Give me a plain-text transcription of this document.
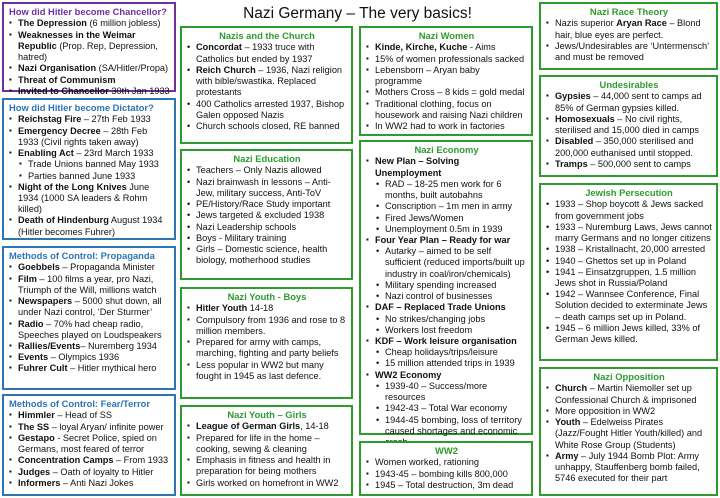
Nazi Germany – The very basics!
How did Hitler become Chancellor?
▪ The Depression (6 million jobless)
▪ Weaknesses in the Weimar Republic (Prop. Rep, Depression, hatred)
▪ Nazi Organisation (SA/Hitler/Propa)
▪ Threat of Communism
▪ Invited to Chancellor 30th Jan 1933
How did Hitler become Dictator?
▪ Reichstag Fire – 27th Feb 1933
▪ Emergency Decree – 28th Feb 1933 (Civil rights taken away)
▪ Enabling Act – 23rd March 1933
▪ Trade Unions banned May 1933
▪ Parties banned June 1933
▪ Night of the Long Knives June 1934 (1000 SA leaders & Rohm killed)
▪ Death of Hindenburg August 1934 (Hitler becomes Fuhrer)
Methods of Control: Propaganda
▪ Goebbels – Propaganda Minister
▪ Film – 100 films a year, pro Nazi, Triumph of the Will, millions watch
▪ Newspapers – 5000 shut down, all under Nazi control, ‘Der Sturmer’
▪ Radio – 70% had cheap radio, Speeches played on Loudspeakers
▪ Rallies/Events– Nuremberg 1934
▪ Events – Olympics 1936
▪ Fuhrer Cult – Hitler mythical hero
Methods of Control: Fear/Terror
▪ Himmler – Head of SS
▪ The SS – loyal Aryan/ infinite power
▪ Gestapo - Secret Police, spied on Germans, most feared of terror
▪ Concentration Camps – From 1933
▪ Judges – Oath of loyalty to Hitler
▪ Informers – Anti Nazi Jokes
Nazis and the Church
• Concordat – 1933 truce with Catholics but ended by 1937
• Reich Church – 1936, Nazi religion with bible/swastika. Replaced protestants
• 400 Catholics arrested 1937, Bishop Galen opposed Nazis
• Church schools closed, RE banned
Nazi Education
• Teachers – Only Nazis allowed
• Nazi brainwash in lessons – Anti-Jew, military success, Anti-ToV
• PE/History/Race Study important
• Jews targeted & excluded 1938
• Nazi Leadership schools
• Boys - Military training
• Girls – Domestic science, health biology, motherhood studies
Nazi Youth - Boys
▪ Hitler Youth 14-18
▪ Compulsory from 1936 and rose to 8 million members.
▪ Prepared for army with camps, marching, fighting and party beliefs
▪ Less popular in WW2 but many fought in 1945 as last defence.
Nazi Youth – Girls
▪ League of German Girls, 14-18
▪ Prepared for life in the home – cooking, sewing & cleaning
▪ Emphasis in fitness and health in preparation for being mothers
▪ Girls worked on homefront in WW2
Nazi Women
▪ Kinde, Kirche, Kuche - Aims
▪ 15% of women professionals sacked
▪ Lebensborn – Aryan baby programme
▪ Mothers Cross – 8 kids = gold medal
▪ Traditional clothing, focus on housework and raising Nazi children
▪ In WW2 had to work in factories
Nazi Economy
▪ New Plan – Solving Unemployment
• RAD – 18-25 men work for 6 months, built autobahns
• Conscription – 1m men in army
• Fired Jews/Women
• Unemployment 0.5m in 1939
▪ Four Year Plan – Ready for war
• Autarky – aimed to be self sufficient (reduced imports/built up industry in coal/iron/chemicals)
• Military spending increased
• Nazi control of businesses
▪ DAF – Replaced Trade Unions
• No strikes/changing jobs
• Workers lost freedom
▪ KDF – Work leisure organisation
• Cheap holidays/trips/leisure
• 15 million attended trips in 1939
▪ WW2 Economy
• 1939-40 – Success/more resources
• 1942-43 – Total War economy
• 1944-45 bombing, loss of territory caused shortages and economic
WW2
▪ Women worked, rationing
▪ 1943-45 – bombing kills 800,000
▪ 1945 – Total destruction, 3m dead
Nazi Race Theory
▪ Nazis superior Aryan Race – Blond hair, blue eyes are perfect.
▪ Jews/Undesirables are ‘Untermensch’ and must be removed
Undesirables
▪ Gypsies – 44,000 sent to camps ad 85% of German gypsies killed.
▪ Homosexuals – No civil rights, sterilised and 15,000 died in camps
▪ Disabled – 350,000 sterilised and 200,000 euthanised until stopped.
▪ Tramps – 500,000 sent to camps
Jewish Persecution
• 1933 – Shop boycott & Jews sacked from government jobs
• 1933 – Nuremburg Laws, Jews cannot marry Germans and no longer citizens
• 1938 – Kristallnacht, 20,000 arrested
• 1940 – Ghettos set up in Poland
• 1941 – Einsatzgruppen, 1.5 million Jews shot in Russia/Poland
• 1942 – Wannsee Conference, Final Solution decided to exterminate Jews – death camps set up in Poland.
• 1945 – 6 million Jews killed, 33% of German Jews killed.
Nazi Opposition
▪ Church – Martin Niemoller set up Confessional Church & imprisoned
▪ More opposition in WW2
▪ Youth – Edelweiss Pirates (Jazz/Fought Hitler Youth/killed) and White Rose Group (Students)
▪ Army – July 1944 Bomb Plot: Army unhappy, Stauffenberg bomb failed, 5746 executed for their part
